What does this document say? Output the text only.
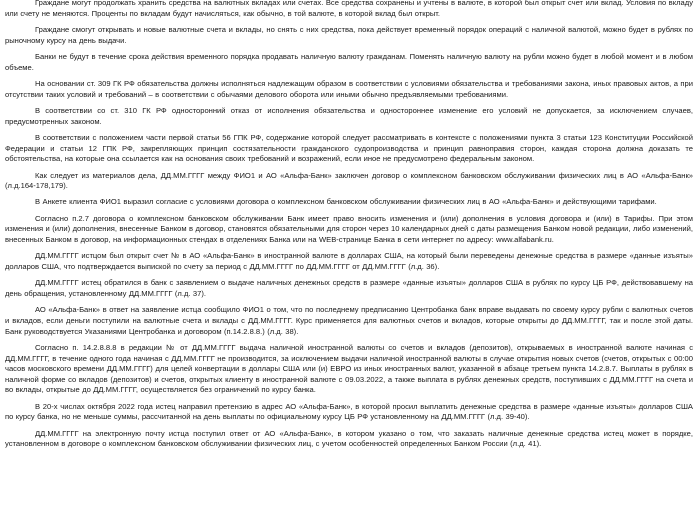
Граждане могут продолжать хранить средства на валютных вкладах или счетах. Все средства сохранены и учтены в валюте, в которой был открыт счет или вклад. Условия по вкладу или счету не меняются. Проценты по вкладам будут начисляться, как обычно, в той валюте, в которой вклад был открыт.

Граждане смогут открывать и новые валютные счета и вклады, но снять с них средства, пока действует временный порядок операций с наличной валютой, можно будет в рублях по рыночному курсу на день выдачи.

Банки не будут в течение срока действия временного порядка продавать наличную валюту гражданам. Поменять наличную валюту на рубли можно будет в любой момент и в любом объеме.

На основании ст. 309 ГК РФ обязательства должны исполняться надлежащим образом в соответствии с условиями обязательства и требованиями закона, иных правовых актов, а при отсутствии таких условий и требований – в соответствии с обычаями делового оборота или иными обычно предъявляемыми требованиями.

В соответствии со ст. 310 ГК РФ односторонний отказ от исполнения обязательства и одностороннее изменение его условий не допускается, за исключением случаев, предусмотренных законом.

В соответствии с положением части первой статьи 56 ГПК РФ, содержание которой следует рассматривать в контексте с положениями пункта 3 статьи 123 Конституции Российской Федерации и статьи 12 ГПК РФ, закрепляющих принцип состязательности гражданского судопроизводства и принцип равноправия сторон, каждая сторона должна доказать те обстоятельства, на которые она ссылается как на основания своих требований и возражений, если иное не предусмотрено федеральным законом.

Как следует из материалов дела, ДД.ММ.ГГГГ между ФИО1 и АО «Альфа-Банк» заключен договор о комплексном банковском обслуживании физических лиц в АО «Альфа-Банк» (л.д.164-178,179).

В Анкете клиента ФИО1 выразил согласие с условиями договора о комплексном банковском обслуживании физических лиц в АО «Альфа-Банк» и действующими тарифами.

Согласно п.2.7 договора о комплексном банковском обслуживании Банк имеет право вносить изменения и (или) дополнения в условия договора и (или) в Тарифы. При этом изменения и (или) дополнения, внесенные Банком в договор, становятся обязательными для сторон через 10 календарных дней с даты размещения Банком новой редакции, либо изменений, внесенных Банком в договор, на информационных стендах в отделениях Банка или на WEB-странице Банка в сети интернет по адресу: www.alfabank.ru.

ДД.ММ.ГГГГ истцом был открыт счет № в АО «Альфа-Банк» в иностранной валюте в долларах США, на который были переведены денежные средства в размере «данные изъяты» долларов США, что подтверждается выпиской по счету за период с ДД.ММ.ГГГГ по ДД.ММ.ГГГГ от ДД.ММ.ГГГГ (л.д. 36).

ДД.ММ.ГГГГ истец обратился в банк с заявлением о выдаче наличных денежных средств в размере «данные изъяты» долларов США в рублях по курсу ЦБ РФ, действовавшему на день обращения, установленному ДД.ММ.ГГГГ (л.д. 37).

АО «Альфа-Банк» в ответ на заявление истца сообщило ФИО1 о том, что по последнему предписанию Центробанка банк вправе выдавать по своему курсу рубли с валютных счетов и вкладов, если деньги поступили на валютные счета и вклады с ДД.ММ.ГГГГ. Курс применяется для валютных счетов и вкладов, которые открыты до ДД.ММ.ГГГГ, так и после этой даты. Банк руководствуется Указаниями Центробанка и договором (п.14.2.8.8.) (л.д. 38).

Согласно п. 14.2.8.8.8 в редакции № от ДД.ММ.ГГГГ выдача наличной иностранной валюты со счетов и вкладов (депозитов), открываемых в иностранной валюте начиная с ДД.ММ.ГГГГ, в течение одного года начиная с ДД.ММ.ГГГГ не производится, за исключением выдачи наличной иностранной валюты в случае открытия новых счетов (счетов, открытых с 00:00 часов московского времени ДД.ММ.ГГГГ) для целей конвертации в доллары США или (и) ЕВРО из иных иностранных валют, указанной в абзаце третьем пункта 14.2.8.7. Выплаты в рублях в наличной форме со вкладов (депозитов) и счетов, открытых клиенту в иностранной валюте с 09.03.2022, а также выплата в рублях денежных средств, поступивших с ДД.ММ.ГГГГ на счета и во вклады, открытые до ДД.ММ.ГГГГ, осуществляется без ограничений по курсу банка.

В 20-х числах октября 2022 года истец направил претензию в адрес АО «Альфа-Банк», в которой просил выплатить денежные средства в размере «данные изъяты» долларов США по курсу банка, но не меньше суммы, рассчитанной на день выплаты по официальному курсу ЦБ РФ установленному на ДД.ММ.ГГГГ (л.д. 39-40).

ДД.ММ.ГГГГ на электронную почту истца поступил ответ от АО «Альфа-Банк», в котором указано о том, что заказать наличные денежные средства истец может в порядке, установленном в договоре о комплексном банковском обслуживании физических лиц, с учетом особенностей определенных Банком России (л.д. 41).
